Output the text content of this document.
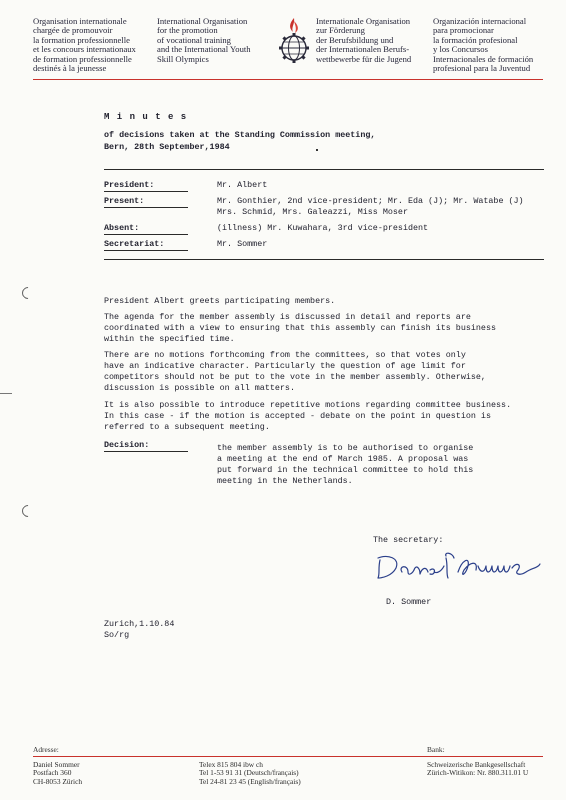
Organisation internationale
chargée de promouvoir
la formation professionnelle
et les concours internationaux
de formation professionnelle
destinés à la jeunesse
International Organisation
for the promotion
of vocational training
and the International Youth
Skill Olympics
Internationale Organisation
zur Förderung
der Berufsbildung und
der Internationalen Berufs-
wettbewerbe für die Jugend
Organización internacional
para promocionar
la formación profesional
y los Concursos
Internacionales de formación
profesional para la Juventud
M i n u t e s
of decisions taken at the Standing Commission meeting,
Bern, 28th September,1984
President:	Mr. Albert
Present:	Mr. Gonthier, 2nd vice-president; Mr. Eda (J); Mr. Watabe (J)
Mrs. Schmid, Mrs. Galeazzi, Miss Moser
Absent:	(illness) Mr. Kuwahara, 3rd vice-president
Secretariat:	Mr. Sommer
President Albert greets participating members.
The agenda for the member assembly is discussed in detail and reports are
coordinated with a view to ensuring that this assembly can finish its business
within the specified time.
There are no motions forthcoming from the committees, so that votes only
have an indicative character. Particularly the question of age limit for
competitors should not be put to the vote in the member assembly. Otherwise,
discussion is possible on all matters.
It is also possible to introduce repetitive motions regarding committee business.
In this case - if the motion is accepted - debate on the point in question is
referred to a subsequent meeting.
Decision:	the member assembly is to be authorised to organise
a meeting at the end of March 1985. A proposal was
put forward in the technical committee to hold this
meeting in the Netherlands.
The secretary:
D. Sommer
Zurich,1.10.84
So/rg
Adresse:	Bank:
Daniel Sommer
Postfach 360
CH-8053 Zürich
Telex 815 804 ibw ch
Tel 1-53 91 31 (Deutsch/français)
Tel 24-81 23 45 (English/français)
Schweizerische Bankgesellschaft
Zürich-Witikon: Nr. 880.311.01 U
